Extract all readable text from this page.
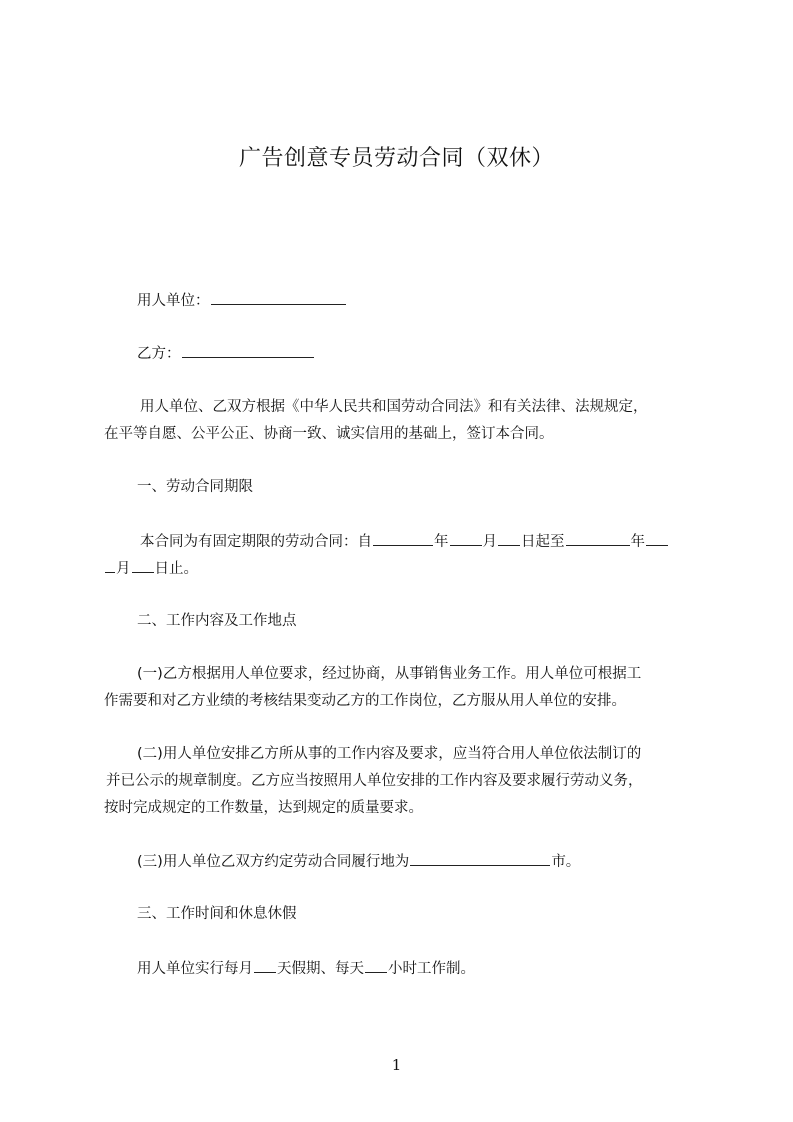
广告创意专员劳动合同（双休）
用人单位：
乙方：
用人单位、乙双方根据《中华人民共和国劳动合同法》和有关法律、法规规定，
在平等自愿、公平公正、协商一致、诚实信用的基础上，签订本合同。
一、劳动合同期限
本合同为有固定期限的劳动合同：自	年 月 日起至	年
月 日止。
二、工作内容及工作地点
(一)乙方根据用人单位要求，经过协商，从事销售业务工作。用人单位可根据工
作需要和对乙方业绩的考核结果变动乙方的工作岗位，乙方服从用人单位的安排。
(二)用人单位安排乙方所从事的工作内容及要求，应当符合用人单位依法制订的
并已公示的规章制度。乙方应当按照用人单位安排的工作内容及要求履行劳动义务，
按时完成规定的工作数量，达到规定的质量要求。
(三)用人单位乙双方约定劳动合同履行地为	市。
三、工作时间和休息休假
用人单位实行每月 天假期、每天 小时工作制。
1
